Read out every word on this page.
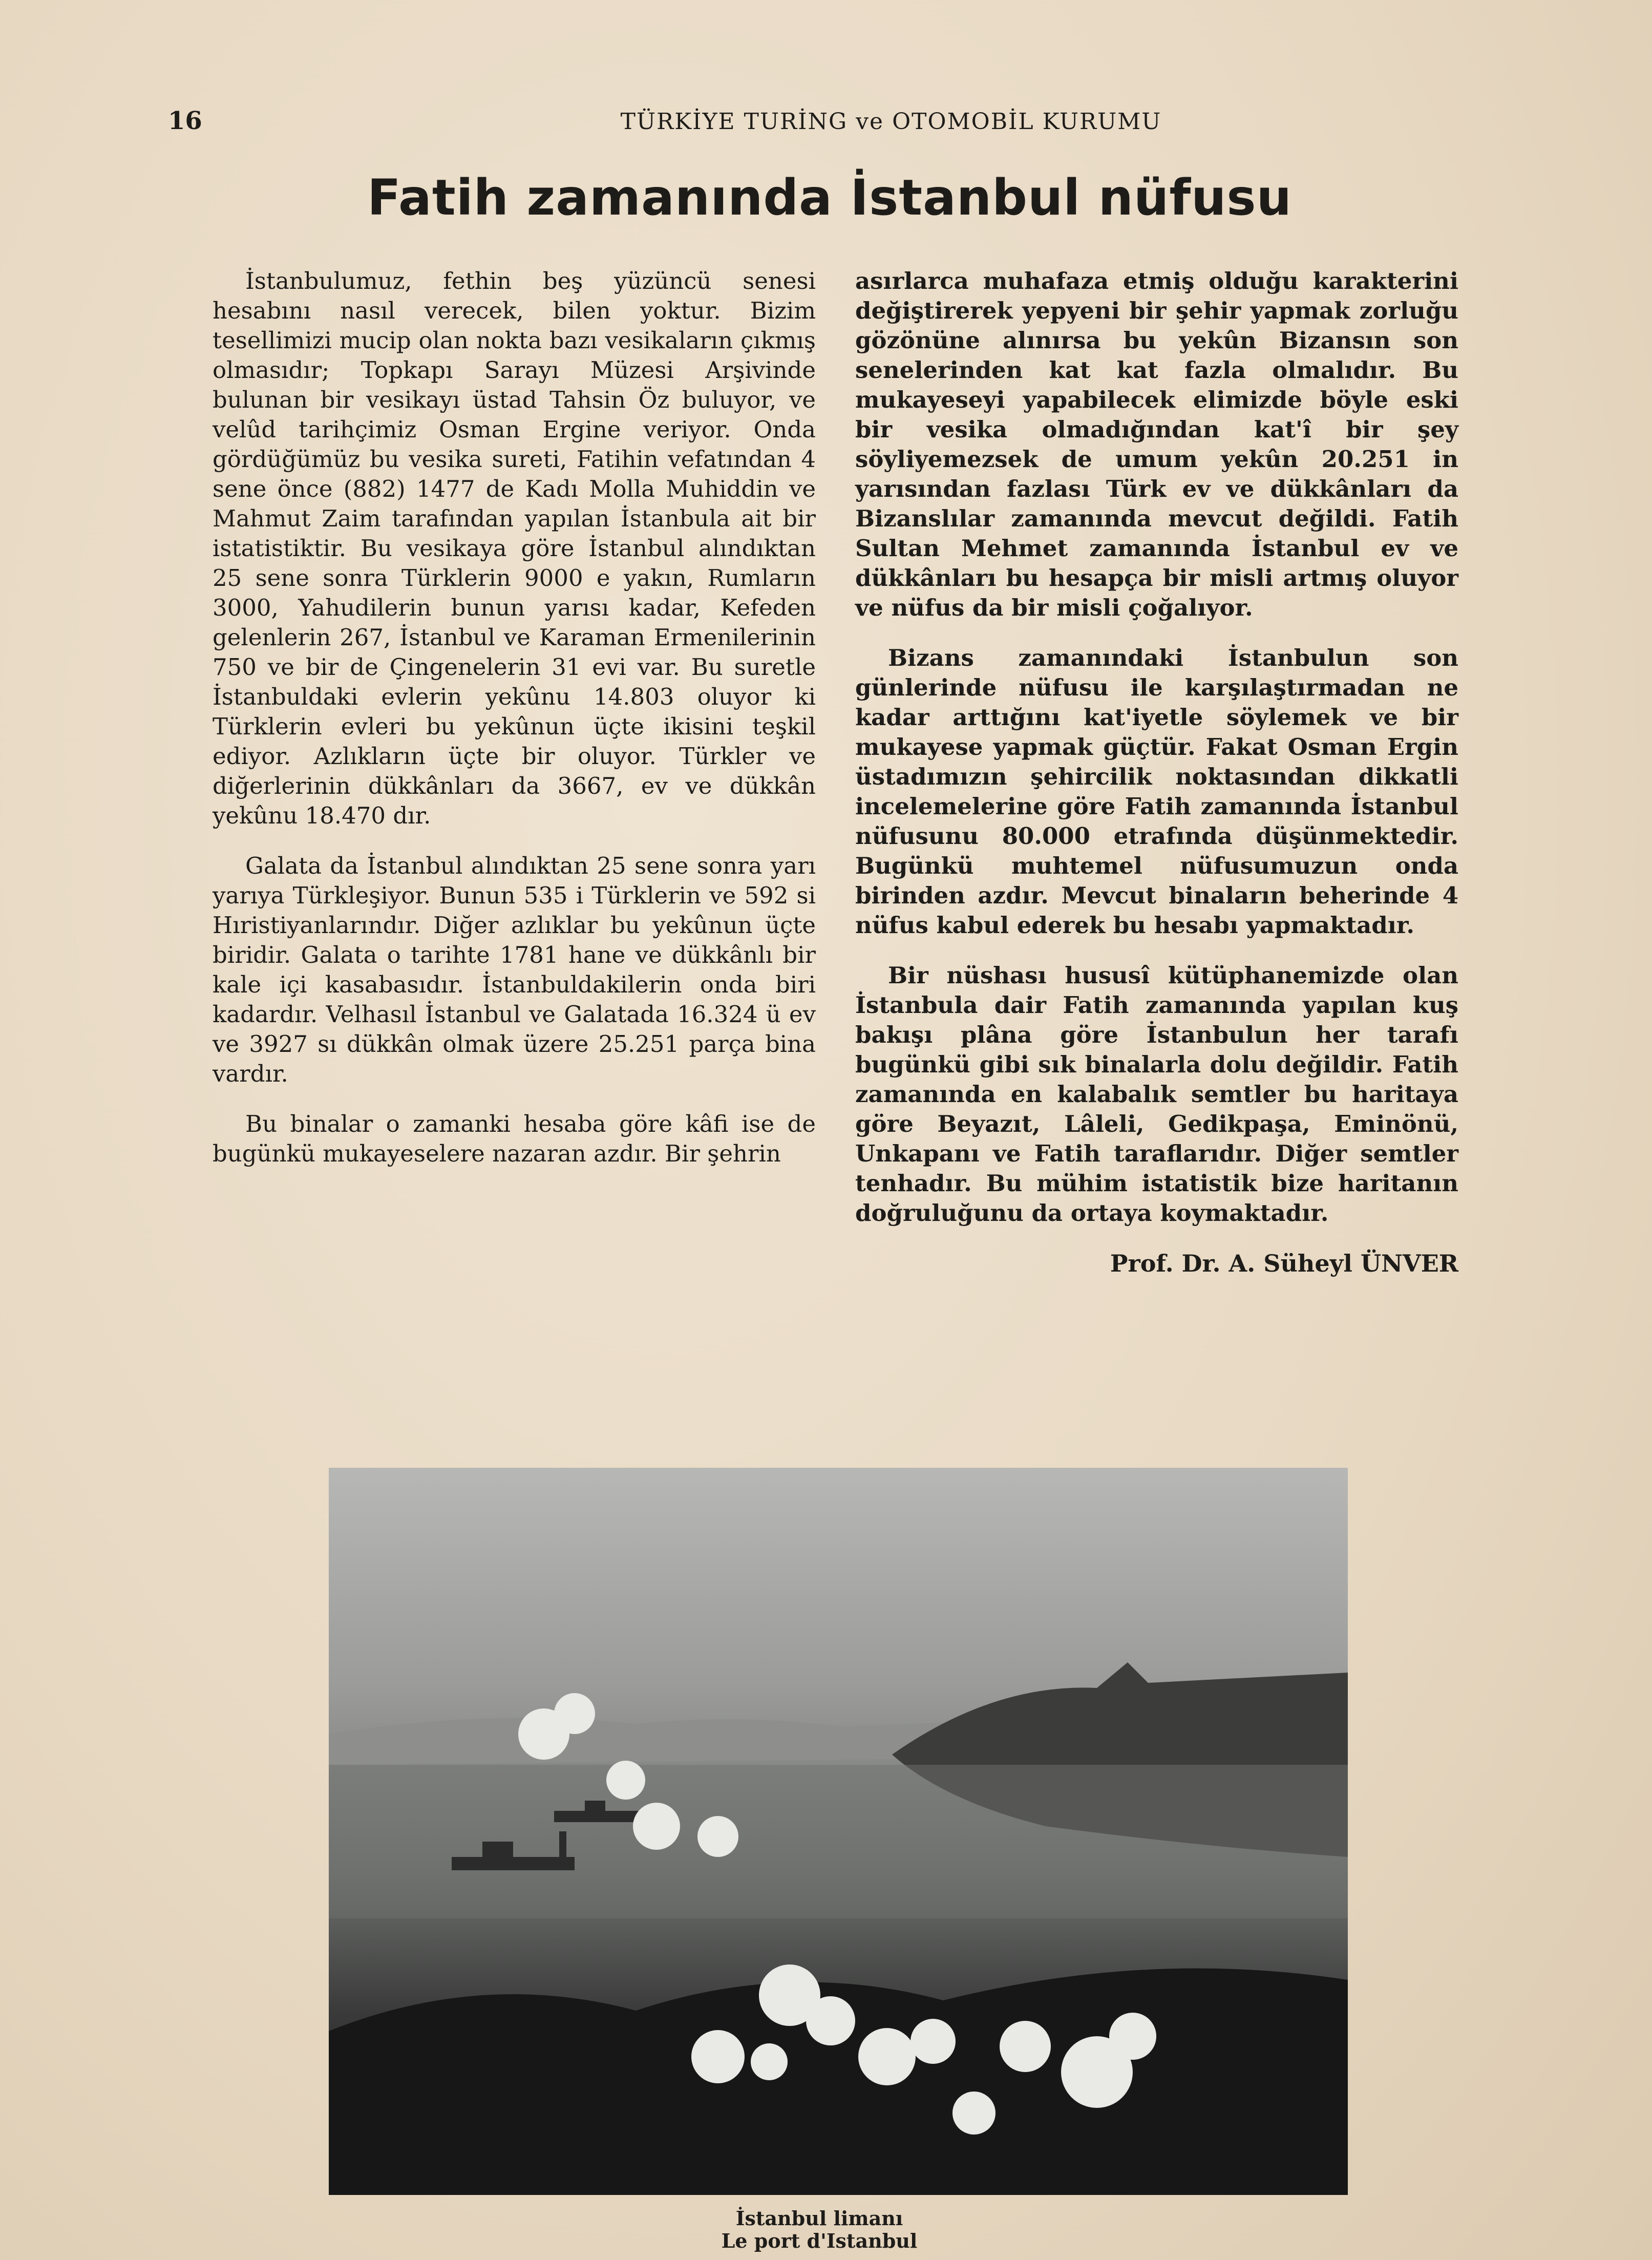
16	TÜRKİYE TURİNG ve OTOMOBİL KURUMU
Fatih zamanında İstanbul nüfusu

İstanbulumuz, fethin beş yüzüncü senesi hesabını nasıl verecek, bilen yoktur. Bizim tesellimizi mucip olan nokta bazı vesikaların çıkmış olmasıdır; Topkapı Sarayı Müzesi Arşivinde bulunan bir vesikayı üstad Tahsin Öz buluyor, ve velûd tarihçimiz Osman Ergine veriyor. Onda gördüğümüz bu vesika sureti, Fatihin vefatından 4 sene önce (882) 1477 de Kadı Molla Muhiddin ve Mahmut Zaim tarafından yapılan İstanbula ait bir istatistiktir. Bu vesikaya göre İstanbul alındıktan 25 sene sonra Türklerin 9000 e yakın, Rumların 3000, Yahudilerin bunun yarısı kadar, Kefeden gelenlerin 267, İstanbul ve Karaman Ermenilerinin 750 ve bir de Çingenelerin 31 evi var. Bu suretle İstanbuldaki evlerin yekûnu 14.803 oluyor ki Türklerin evleri bu yekûnun üçte ikisini teşkil ediyor. Azlıkların üçte bir oluyor. Türkler ve diğerlerinin dükkânları da 3667, ev ve dükkân yekûnu 18.470 dır.

Galata da İstanbul alındıktan 25 sene sonra yarı yarıya Türkleşiyor. Bunun 535 i Türklerin ve 592 si Hıristiyanlarındır. Diğer azlıklar bu yekûnun üçte biridir. Galata o tarihte 1781 hane ve dükkânlı bir kale içi kasabasıdır. İstanbuldakilerin onda biri kadardır. Velhasıl İstanbul ve Galatada 16.324 ü ev ve 3927 sı dükkân olmak üzere 25.251 parça bina vardır.

Bu binalar o zamanki hesaba göre kâfi ise de bugünkü mukayeselere nazaran azdır. Bir şehrin

asırlarca muhafaza etmiş olduğu karakterini değiştirerek yepyeni bir şehir yapmak zorluğu gözönüne alınırsa bu yekûn Bizansın son senelerinden kat kat fazla olmalıdır. Bu mukayeseyi yapabilecek elimizde böyle eski bir vesika olmadığından kat'î bir şey söyliyemezsek de umum yekûn 20.251 in yarısından fazlası Türk ev ve dükkânları da Bizanslılar zamanında mevcut değildi. Fatih Sultan Mehmet zamanında İstanbul ev ve dükkânları bu hesapça bir misli artmış oluyor ve nüfus da bir misli çoğalıyor.

Bizans zamanındaki İstanbulun son günlerinde nüfusu ile karşılaştırmadan ne kadar arttığını kat'iyetle söylemek ve bir mukayese yapmak güçtür. Fakat Osman Ergin üstadımızın şehircilik noktasından dikkatli incelemelerine göre Fatih zamanında İstanbul nüfusunu 80.000 etrafında düşünmektedir. Bugünkü muhtemel nüfusumuzun onda birinden azdır. Mevcut binaların beherinde 4 nüfus kabul ederek bu hesabı yapmaktadır.

Bir nüshası hususî kütüphanemizde olan İstanbula dair Fatih zamanında yapılan kuş bakışı plâna göre İstanbulun her tarafı bugünkü gibi sık binalarla dolu değildir. Fatih zamanında en kalabalık semtler bu haritaya göre Beyazıt, Lâleli, Gedikpaşa, Eminönü, Unkapanı ve Fatih taraflarıdır. Diğer semtler tenhadır. Bu mühim istatistik bize haritanın doğruluğunu da ortaya koymaktadır.

Prof. Dr. A. Süheyl ÜNVER
İstanbul limanı
Le port d'Istanbul
